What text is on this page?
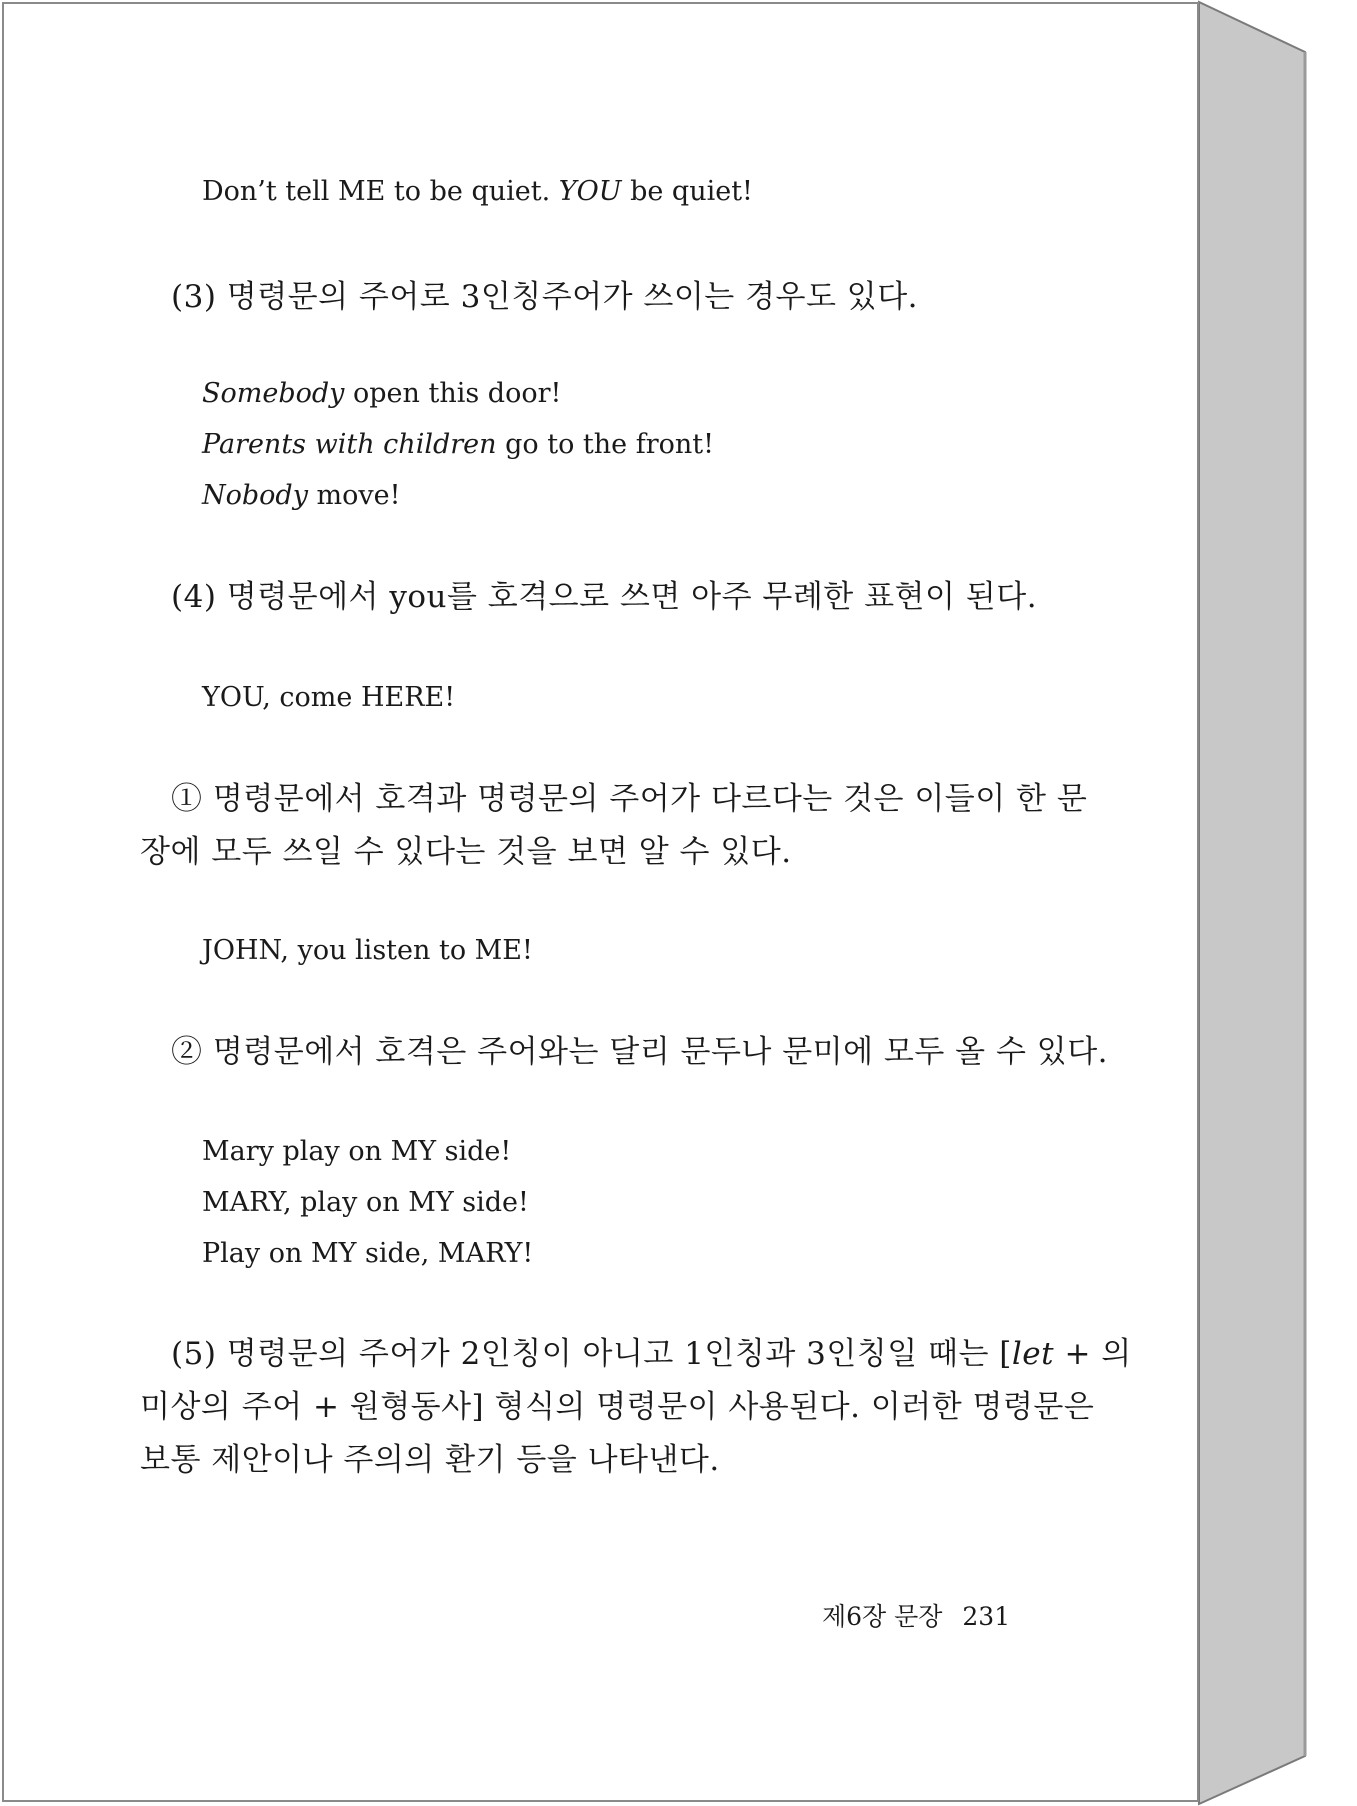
Don’t tell ME to be quiet. YOU be quiet!
(3) 명령문의 주어로 3인칭주어가 쓰이는 경우도 있다.
Somebody open this door!
Parents with children go to the front!
Nobody move!
(4) 명령문에서 you를 호격으로 쓰면 아주 무례한 표현이 된다.
YOU, come HERE!
① 명령문에서 호격과 명령문의 주어가 다르다는 것은 이들이 한 문
장에 모두 쓰일 수 있다는 것을 보면 알 수 있다.
JOHN, you listen to ME!
② 명령문에서 호격은 주어와는 달리 문두나 문미에 모두 올 수 있다.
Mary play on MY side!
MARY, play on MY side!
Play on MY side, MARY!
(5) 명령문의 주어가 2인칭이 아니고 1인칭과 3인칭일 때는 [let + 의
미상의 주어 + 원형동사] 형식의 명령문이 사용된다. 이러한 명령문은
보통 제안이나 주의의 환기 등을 나타낸다.
제6장 문장 231
